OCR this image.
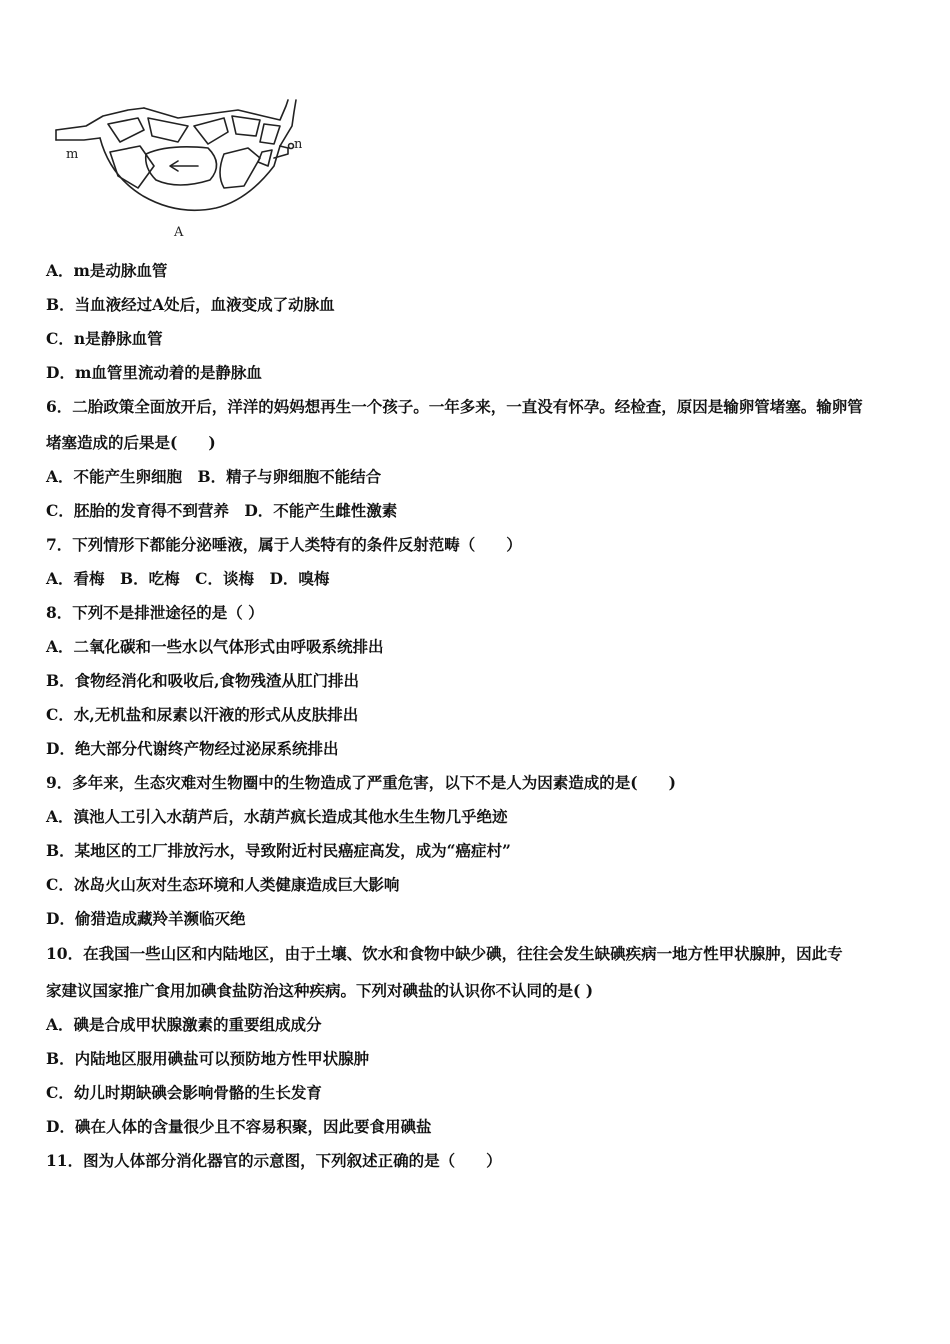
m
n
A
A．m是动脉血管
B．当血液经过A处后，血液变成了动脉血
C．n是静脉血管
D．m血管里流动着的是静脉血
6．二胎政策全面放开后，洋洋的妈妈想再生一个孩子。一年多来，一直没有怀孕。经检查，原因是输卵管堵塞。输卵管
堵塞造成的后果是(　　)
A．不能产生卵细胞　B．精子与卵细胞不能结合
C．胚胎的发育得不到营养　D．不能产生雌性激素
7．下列情形下都能分泌唾液，属于人类特有的条件反射范畴（　　）
A．看梅　B．吃梅　C．谈梅　D．嗅梅
8．下列不是排泄途径的是（ ）
A．二氧化碳和一些水以气体形式由呼吸系统排出
B．食物经消化和吸收后,食物残渣从肛门排出
C．水,无机盐和尿素以汗液的形式从皮肤排出
D．绝大部分代谢终产物经过泌尿系统排出
9．多年来，生态灾难对生物圈中的生物造成了严重危害，以下不是人为因素造成的是(　　)
A．滇池人工引入水葫芦后，水葫芦疯长造成其他水生生物几乎绝迹
B．某地区的工厂排放污水，导致附近村民癌症高发，成为“癌症村”
C．冰岛火山灰对生态环境和人类健康造成巨大影响
D．偷猎造成藏羚羊濒临灭绝
10．在我国一些山区和内陆地区，由于土壤、饮水和食物中缺少碘，往往会发生缺碘疾病一地方性甲状腺肿，因此专
家建议国家推广食用加碘食盐防治这种疾病。下列对碘盐的认识你不认同的是( )
A．碘是合成甲状腺激素的重要组成成分
B．内陆地区服用碘盐可以预防地方性甲状腺肿
C．幼儿时期缺碘会影响骨骼的生长发育
D．碘在人体的含量很少且不容易积聚，因此要食用碘盐
11．图为人体部分消化器官的示意图，下列叙述正确的是（　　）
